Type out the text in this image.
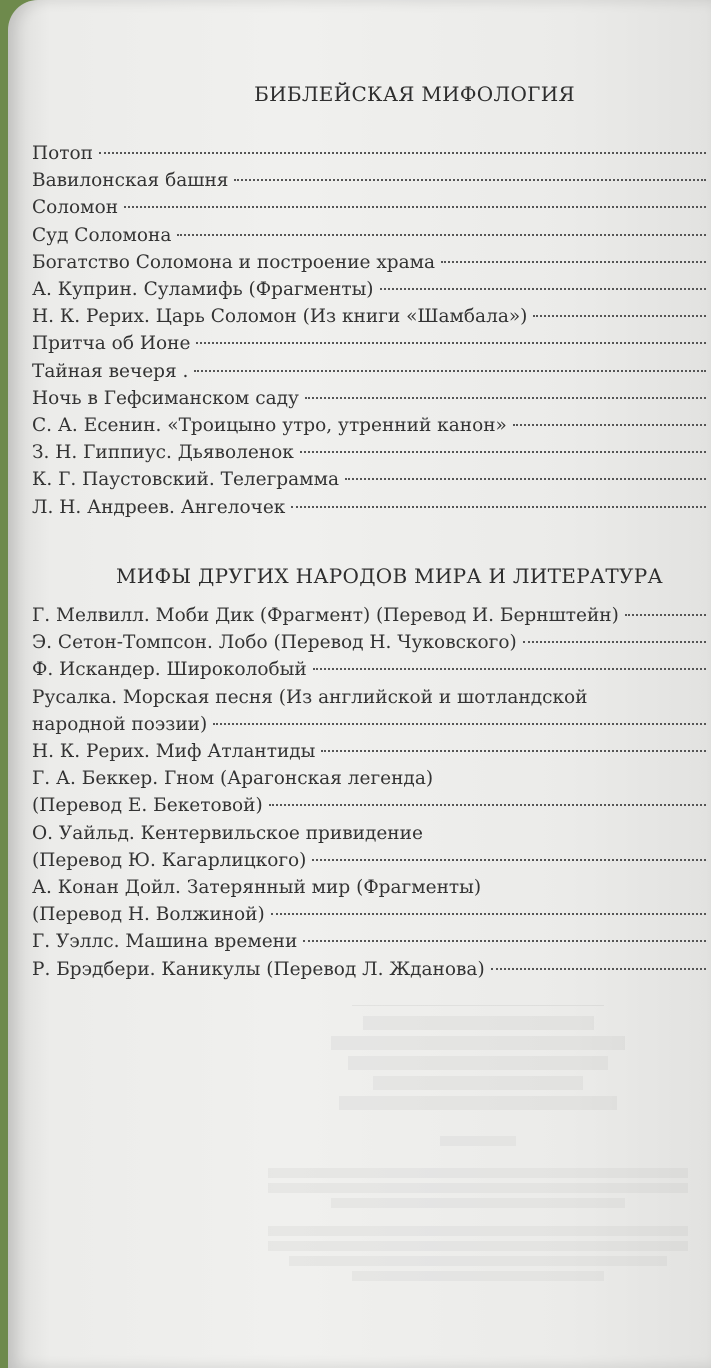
БИБЛЕЙСКАЯ МИФОЛОГИЯ
Потоп
Вавилонская башня
Соломон
Суд Соломона
Богатство Соломона и построение храма
А. Куприн. Суламифь (Фрагменты)
Н. К. Рерих. Царь Соломон (Из книги «Шамбала»)
Притча об Ионе
Тайная вечеря .
Ночь в Гефсиманском саду
С. А. Есенин. «Троицыно утро, утренний канон»
З. Н. Гиппиус. Дьяволенок
К. Г. Паустовский. Телеграмма
Л. Н. Андреев. Ангелочек
МИФЫ ДРУГИХ НАРОДОВ МИРА И ЛИТЕРАТУРА
Г. Мелвилл. Моби Дик (Фрагмент) (Перевод И. Бернштейн)
Э. Сетон-Томпсон. Лобо (Перевод Н. Чуковского)
Ф. Искандер. Широколобый
Русалка. Морская песня (Из английской и шотландской
народной поэзии)
Н. К. Рерих. Миф Атлантиды
Г. А. Беккер. Гном (Арагонская легенда)
(Перевод Е. Бекетовой)
О. Уайльд. Кентервильское привидение
(Перевод Ю. Кагарлицкого)
А. Конан Дойл. Затерянный мир (Фрагменты)
(Перевод Н. Волжиной)
Г. Уэллс. Машина времени
Р. Брэдбери. Каникулы (Перевод Л. Жданова)
